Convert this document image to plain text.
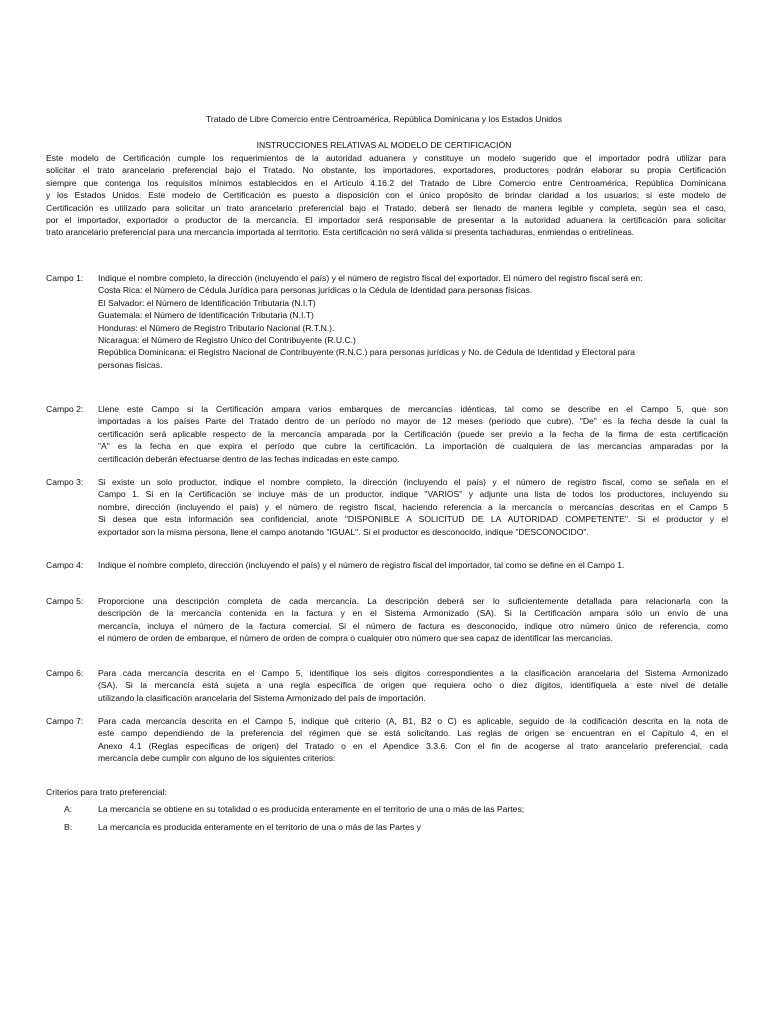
Tratado de Libre Comercio entre Centroamérica, República Dominicana y los Estados Unidos
INSTRUCCIONES RELATIVAS AL MODELO DE CERTIFICACIÓN
Este modelo de Certificación cumple los requerimientos de la autoridad aduanera y constituye un modelo sugerido que el importador podrá utilizar para
solicitar el trato arancelario preferencial bajo el Tratado. No obstante, los importadores, exportadores, productores podrán elaborar su propia Certificación
siempre que contenga los requisitos mínimos establecidos en el Artículo 4.16.2 del Tratado de Libre Comercio entre Centroamérica, República Dominicana
y los Estados Unidos. Este modelo de Certificación es puesto a disposición con el único propósito de brindar claridad a los usuarios; si este modelo de
Certificación es utilizado para solicitar un trato arancelario preferencial bajo el Tratado, deberá ser llenado de manera legible y completa, según sea el caso,
por el importador, exportador o productor de la mercancía. El importador será responsable de presentar a la autoridad aduanera la certificación para solicitar
trato arancelario preferencial para una mercancía importada al territorio. Esta certificación no será válida si presenta tachaduras, enmiendas o entrelíneas.
Campo 1:	Indique el nombre completo, la dirección (incluyendo el país) y el número de registro fiscal del exportador. El número del registro fiscal será en:
Costa Rica: el Número de Cédula Jurídica para personas jurídicas o la Cédula de Identidad para personas físicas.
El Salvador: el Número de Identificación Tributaria (N.I.T)
Guatemala: el Número de Identificación Tributaria (N.I.T)
Honduras: el Número de Registro Tributario Nacional (R.T.N.).
Nicaragua: el Número de Registro Unico del Contribuyente (R.U.C.)
República Dominicana: el Registro Nacional de Contribuyente (R.N.C.) para personas jurídicas y No. de Cédula de Identidad y Electoral para
personas físicas.
Campo 2:	Llene este Campo si la Certificación ampara varios embarques de mercancías idénticas, tal como se describe en el Campo 5, que son
importadas a los países Parte del Tratado dentro de un período no mayor de 12 meses (período que cubre). "De" es la fecha desde la cual la
certificación será aplicable respecto de la mercancía amparada por la Certificación (puede ser previo a la fecha de la firma de esta certificación
"A" es la fecha en que expira el período que cubre la certificación. La importación de cualquiera de las mercancías amparadas por la
certificación deberán efectuarse dentro de las fechas indicadas en este campo.
Campo 3:	Si existe un solo productor, indique el nombre completo, la dirección (incluyendo el país) y el número de registro fiscal, como se señala en el
Campo 1. Si en la Certificación se incluye más de un productor, indique "VARIOS" y adjunte una lista de todos los productores, incluyendo su
nombre, dirección (incluyendo el país) y el número de registro fiscal, haciendo referencia a la mercancía o mercancías descritas en el Campo 5
Si desea que esta información sea confidencial, anote "DISPONIBLE A SOLICITUD DE LA AUTORIDAD COMPETENTE". Si el productor y el
exportador son la misma persona, llene el campo anotando "IGUAL". Si el productor es desconocido, indique "DESCONOCIDO".
Campo 4:	Indique el nombre completo, dirección (incluyendo el país) y el número de registro fiscal del importador, tal como se define en el Campo 1.
Campo 5:	Proporcione una descripción completa de cada mercancía. La descripción deberá ser lo suficientemente detallada para relacionarla con la
descripción de la mercancía contenida en la factura y en el Sistema Armonizado (SA). Si la Certificación ampara sólo un envío de una
mercancía, incluya el número de la factura comercial. Si el número de factura es desconocido, indique otro número único de referencia, como
el número de orden de embarque, el número de orden de compra o cualquier otro número que sea capaz de identificar las mercancías.
Campo 6:	Para cada mercancía descrita en el Campo 5, identifique los seis dígitos correspondientes a la clasificación arancelaria del Sistema Armonizado
(SA). Si la mercancía está sujeta a una regla específica de origen que requiera ocho o diez dígitos, identifíquela a este nivel de detalle
utilizando la clasificación arancelaria del Sistema Armonizado del país de importación.
Campo 7:	Para cada mercancía descrita en el Campo 5, indique qué criterio (A, B1, B2 o C) es aplicable, seguido de la codificación descrita en la nota de
este campo dependiendo de la preferencia del régimen que se está solicitando. Las reglas de origen se encuentran en el Capítulo 4, en el
Anexo 4.1 (Reglas específicas de origen) del Tratado o en el Apendice 3.3.6. Con el fin de acogerse al trato arancelario preferencial, cada
mercancía debe cumplir con alguno de los siguientes criterios:
Criterios para trato preferencial:
A:	La mercancía se obtiene en su totalidad o es producida enteramente en el territorio de una o más de las Partes;
B:	La mercancía es producida enteramente en el territorio de una o más de las Partes y
